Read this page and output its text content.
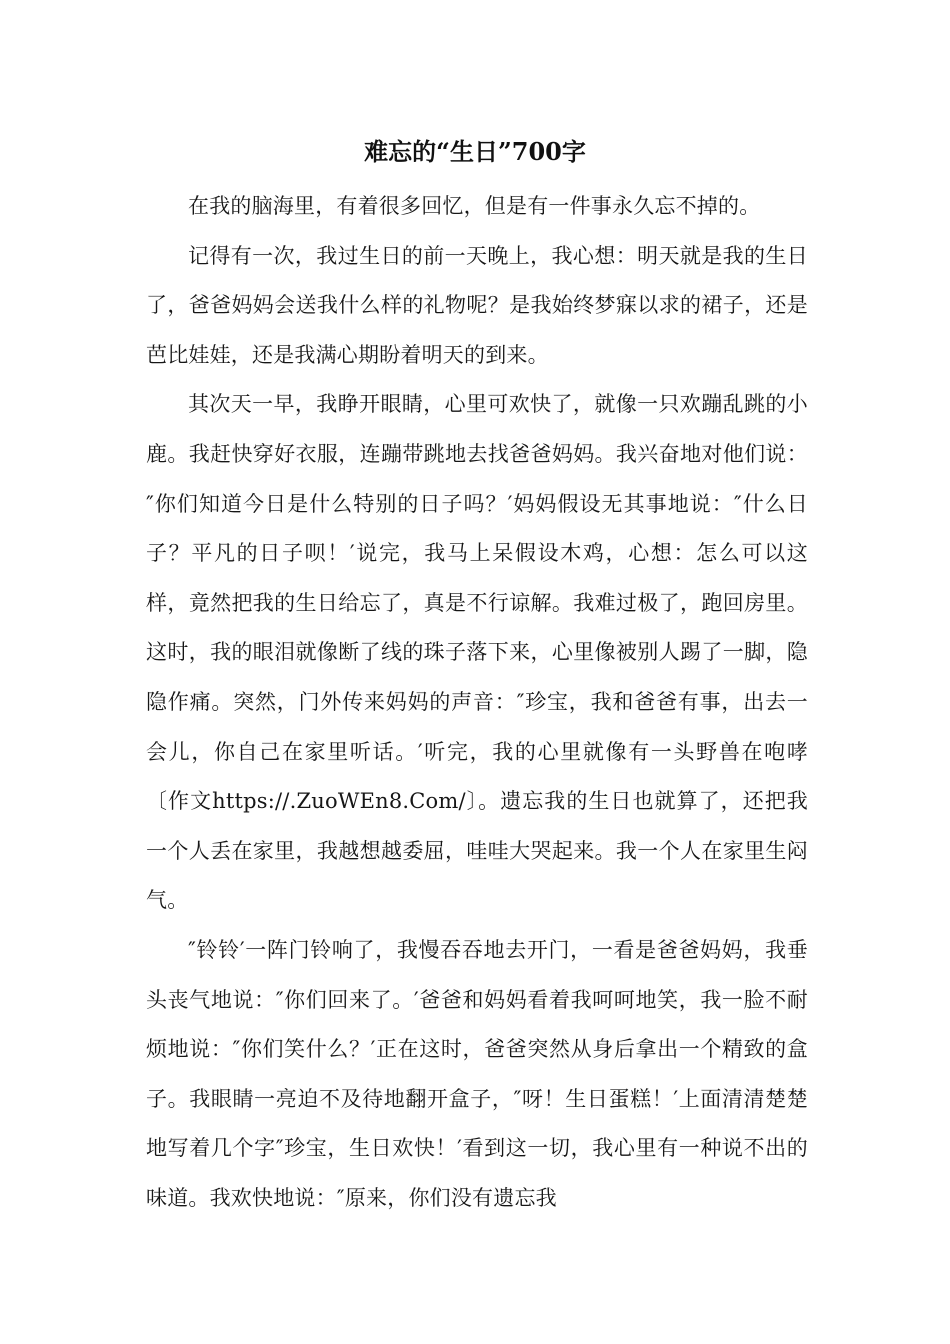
难忘的“生日”700字

在我的脑海里，有着很多回忆，但是有一件事永久忘不掉的。

记得有一次，我过生日的前一天晚上，我心想：明天就是我的生日了，爸爸妈妈会送我什么样的礼物呢？是我始终梦寐以求的裙子，还是芭比娃娃，还是我满心期盼着明天的到来。

其次天一早，我睁开眼睛，心里可欢快了，就像一只欢蹦乱跳的小鹿。我赶快穿好衣服，连蹦带跳地去找爸爸妈妈。我兴奋地对他们说：″你们知道今日是什么特别的日子吗？′妈妈假设无其事地说：″什么日子？平凡的日子呗！′说完，我马上呆假设木鸡，心想：怎么可以这样，竟然把我的生日给忘了，真是不行谅解。我难过极了，跑回房里。这时，我的眼泪就像断了线的珠子落下来，心里像被别人踢了一脚，隐隐作痛。突然，门外传来妈妈的声音：″珍宝，我和爸爸有事，出去一会儿，你自己在家里听话。′听完，我的心里就像有一头野兽在咆哮〔作文https://.ZuoWEn8.Com/〕。遗忘我的生日也就算了，还把我一个人丢在家里，我越想越委屈，哇哇大哭起来。我一个人在家里生闷气。

″铃铃′一阵门铃响了，我慢吞吞地去开门，一看是爸爸妈妈，我垂头丧气地说：″你们回来了。′爸爸和妈妈看着我呵呵地笑，我一脸不耐烦地说：″你们笑什么？′正在这时，爸爸突然从身后拿出一个精致的盒子。我眼睛一亮迫不及待地翻开盒子，″呀！生日蛋糕！′上面清清楚楚地写着几个字″珍宝，生日欢快！′看到这一切，我心里有一种说不出的味道。我欢快地说：″原来，你们没有遗忘我
